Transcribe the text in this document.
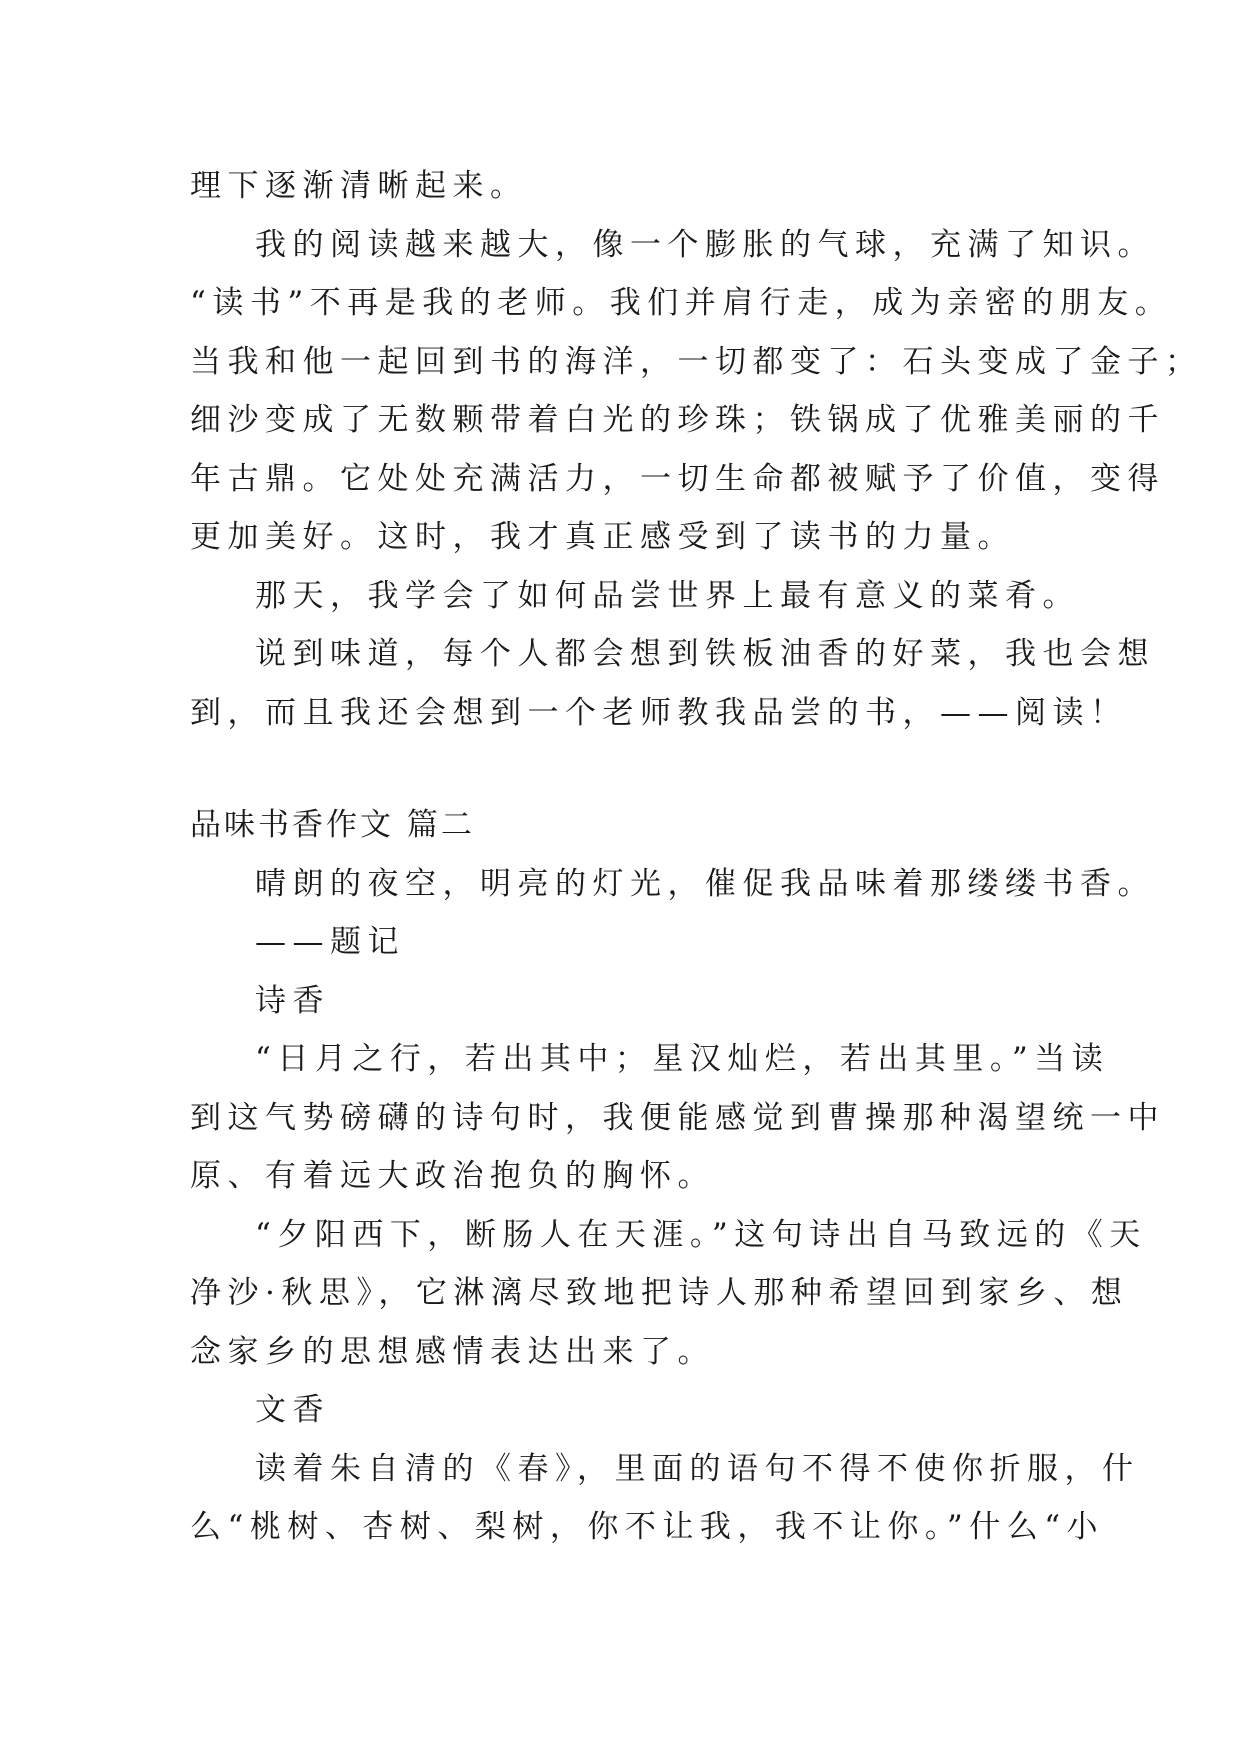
理下逐渐清晰起来。
我的阅读越来越大，像一个膨胀的气球，充满了知识。
“读书”不再是我的老师。我们并肩行走，成为亲密的朋友。
当我和他一起回到书的海洋，一切都变了：石头变成了金子；
细沙变成了无数颗带着白光的珍珠；铁锅成了优雅美丽的千
年古鼎。它处处充满活力，一切生命都被赋予了价值，变得
更加美好。这时，我才真正感受到了读书的力量。
那天，我学会了如何品尝世界上最有意义的菜肴。
说到味道，每个人都会想到铁板油香的好菜，我也会想
到，而且我还会想到一个老师教我品尝的书，——阅读！
品味书香作文 篇二
晴朗的夜空，明亮的灯光，催促我品味着那缕缕书香。
——题记
诗香
“日月之行，若出其中；星汉灿烂，若出其里。”当读
到这气势磅礴的诗句时，我便能感觉到曹操那种渴望统一中
原、有着远大政治抱负的胸怀。
“夕阳西下，断肠人在天涯。”这句诗出自马致远的《天
净沙·秋思》，它淋漓尽致地把诗人那种希望回到家乡、想
念家乡的思想感情表达出来了。
文香
读着朱自清的《春》，里面的语句不得不使你折服，什
么“桃树、杏树、梨树，你不让我，我不让你。”什么“小
